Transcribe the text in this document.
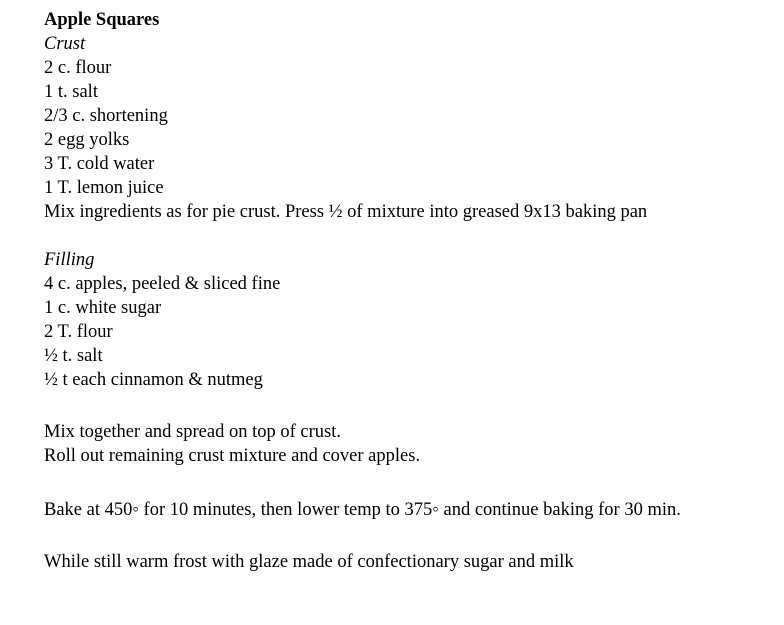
Apple Squares
Crust
2 c. flour
1 t. salt
2/3 c. shortening
2 egg yolks
3 T. cold water
1 T. lemon juice
Mix ingredients as for pie crust. Press ½ of mixture into greased 9x13 baking pan
Filling
4 c. apples, peeled & sliced fine
1 c. white sugar
2 T. flour
½ t. salt
½ t each cinnamon & nutmeg
Mix together and spread on top of crust.
Roll out remaining crust mixture and cover apples.
Bake at 450◦ for 10 minutes, then lower temp to 375◦ and continue baking for 30 min.
While still warm frost with glaze made of confectionary sugar and milk
